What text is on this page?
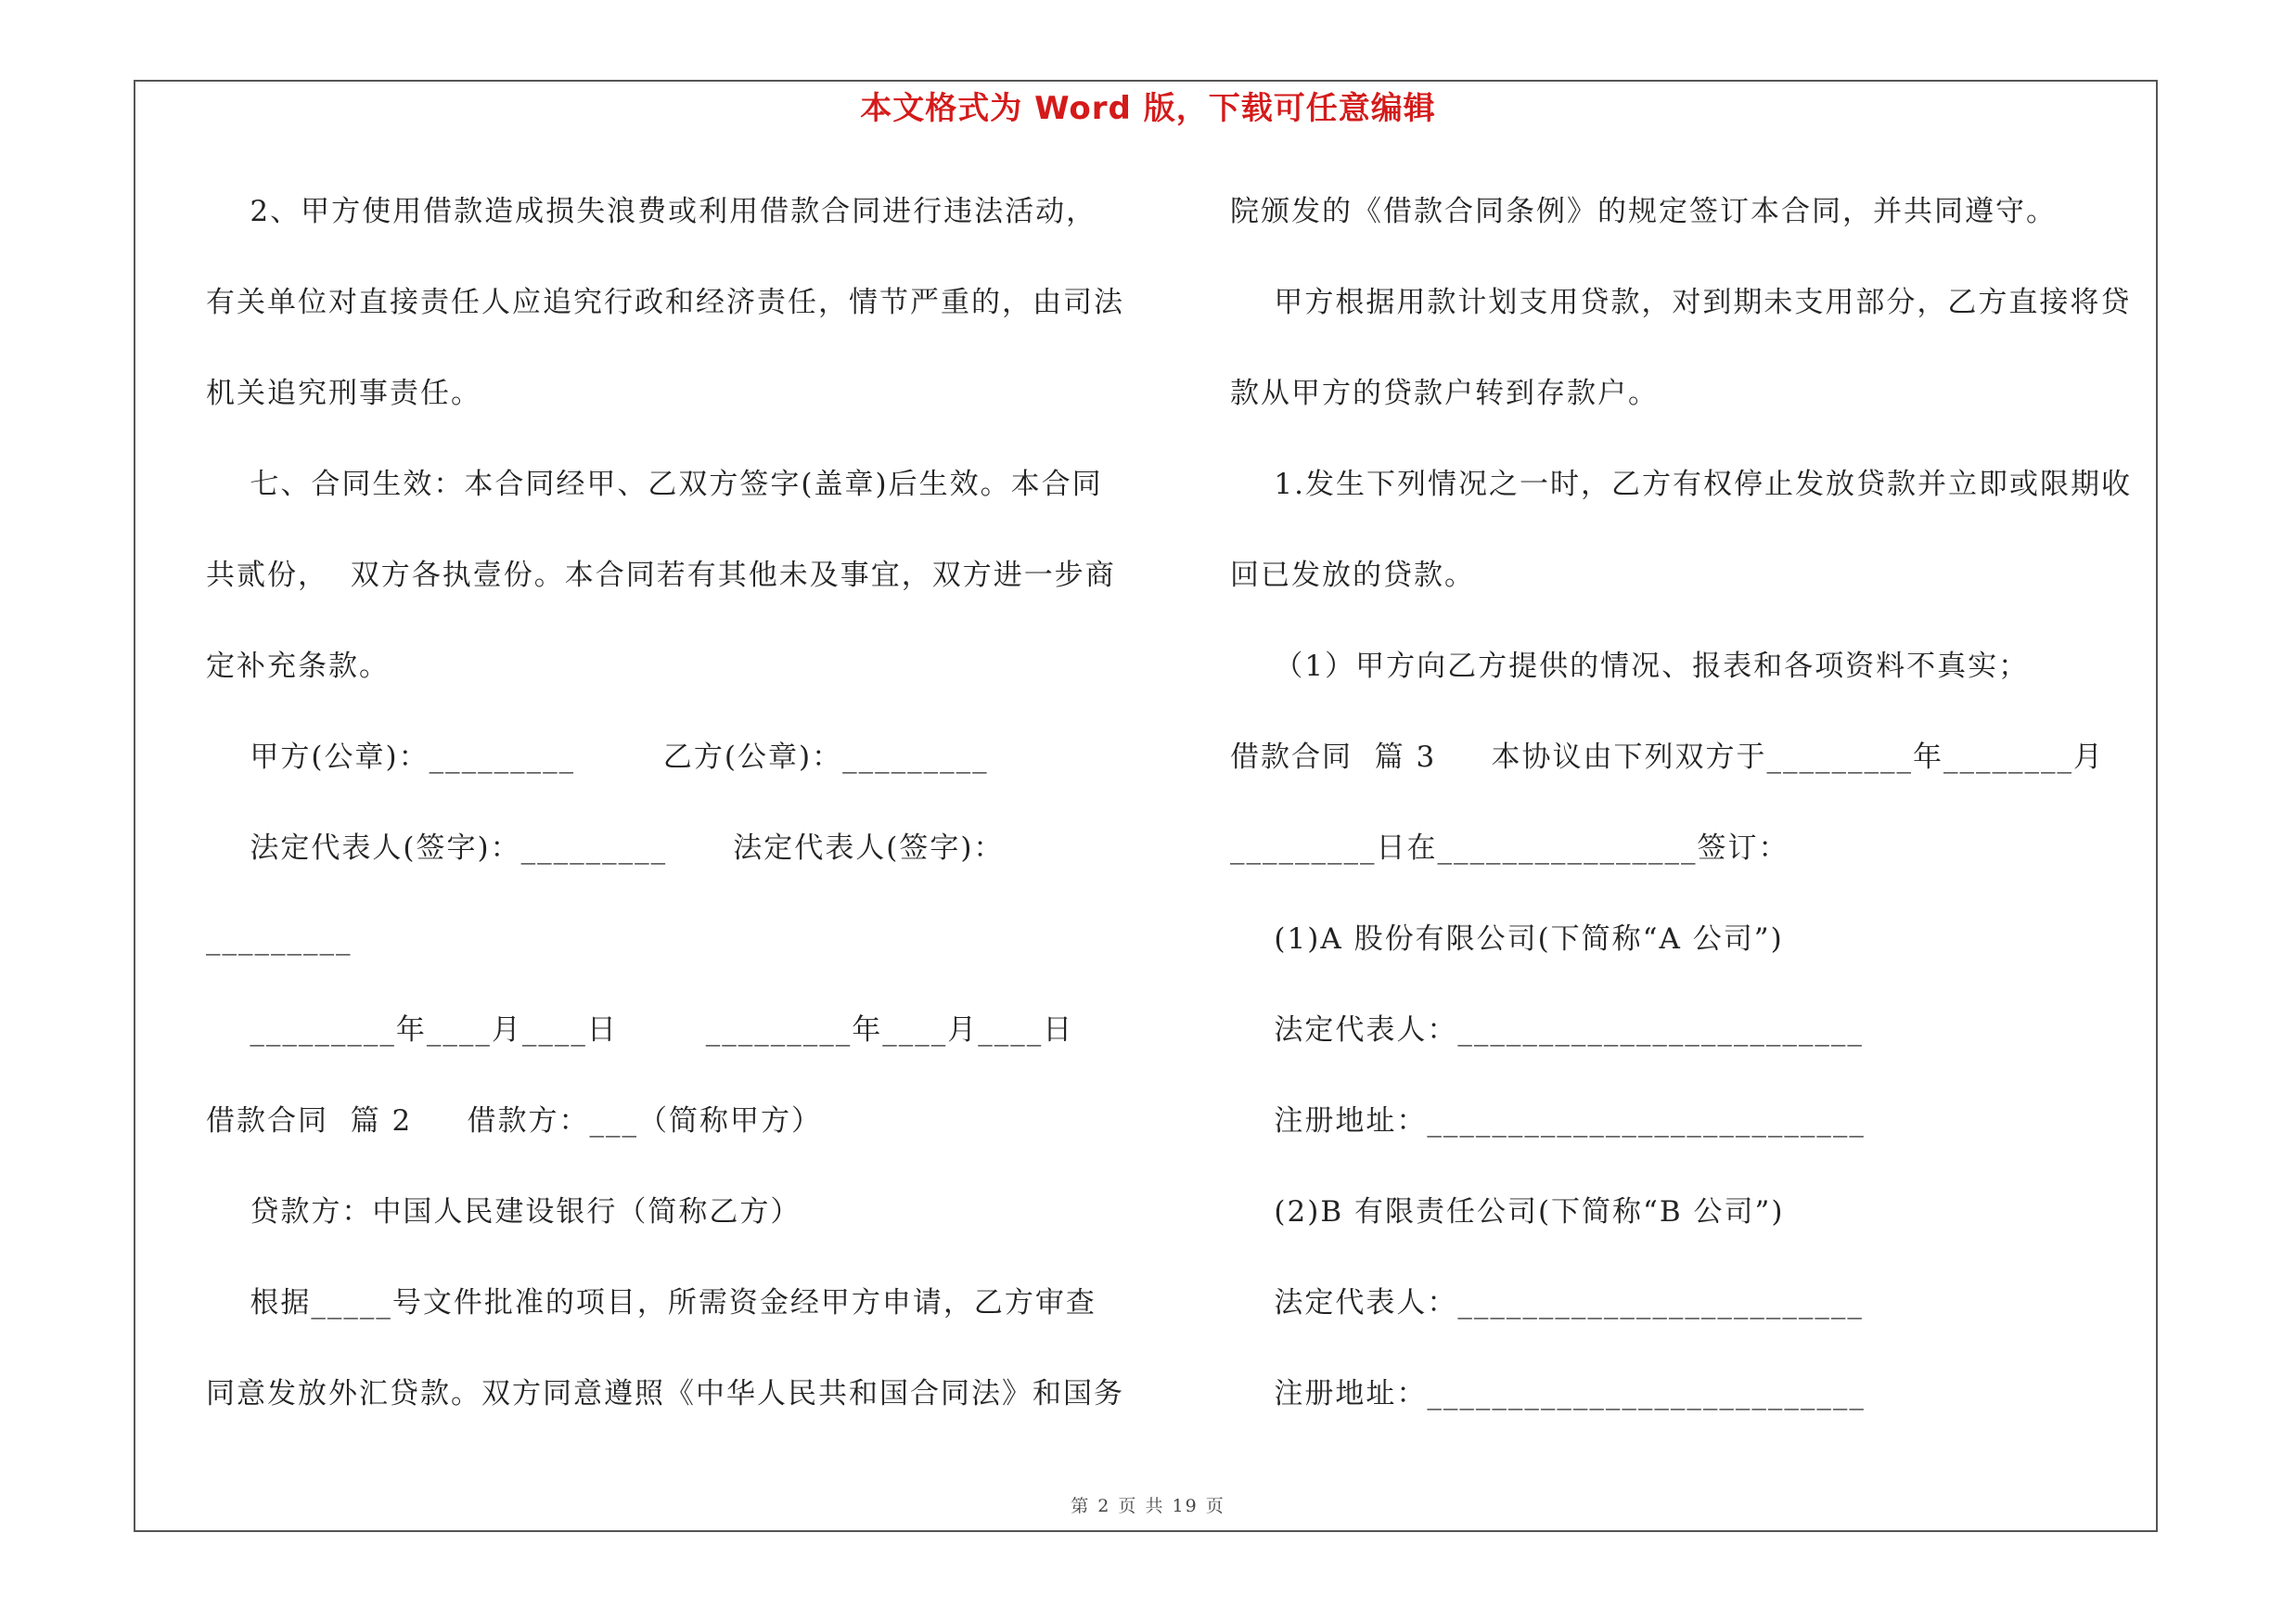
本文格式为 Word 版，下载可任意编辑
2、甲方使用借款造成损失浪费或利用借款合同进行违法活动，
有关单位对直接责任人应追究行政和经济责任，情节严重的，由司法
机关追究刑事责任。
七、合同生效：本合同经甲、乙双方签字(盖章)后生效。本合同
共贰份，  双方各执壹份。本合同若有其他未及事宜，双方进一步商
定补充条款。
甲方(公章)：_________        乙方(公章)：_________
法定代表人(签字)：_________      法定代表人(签字)：
_________
_________年____月____日        _________年____月____日
借款合同  篇 2     借款方：___（简称甲方）
贷款方：中国人民建设银行（简称乙方）
根据_____号文件批准的项目，所需资金经甲方申请，乙方审查
同意发放外汇贷款。双方同意遵照《中华人民共和国合同法》和国务
院颁发的《借款合同条例》的规定签订本合同，并共同遵守。
甲方根据用款计划支用贷款，对到期未支用部分，乙方直接将贷
款从甲方的贷款户转到存款户。
1.发生下列情况之一时，乙方有权停止发放贷款并立即或限期收
回已发放的贷款。
（1）甲方向乙方提供的情况、报表和各项资料不真实；
借款合同  篇 3     本协议由下列双方于_________年________月
_________日在________________签订：
(1)A 股份有限公司(下简称“A 公司”)
法定代表人：_________________________
注册地址：___________________________
(2)B 有限责任公司(下简称“B 公司”)
法定代表人：_________________________
注册地址：___________________________
第 2 页 共 19 页
